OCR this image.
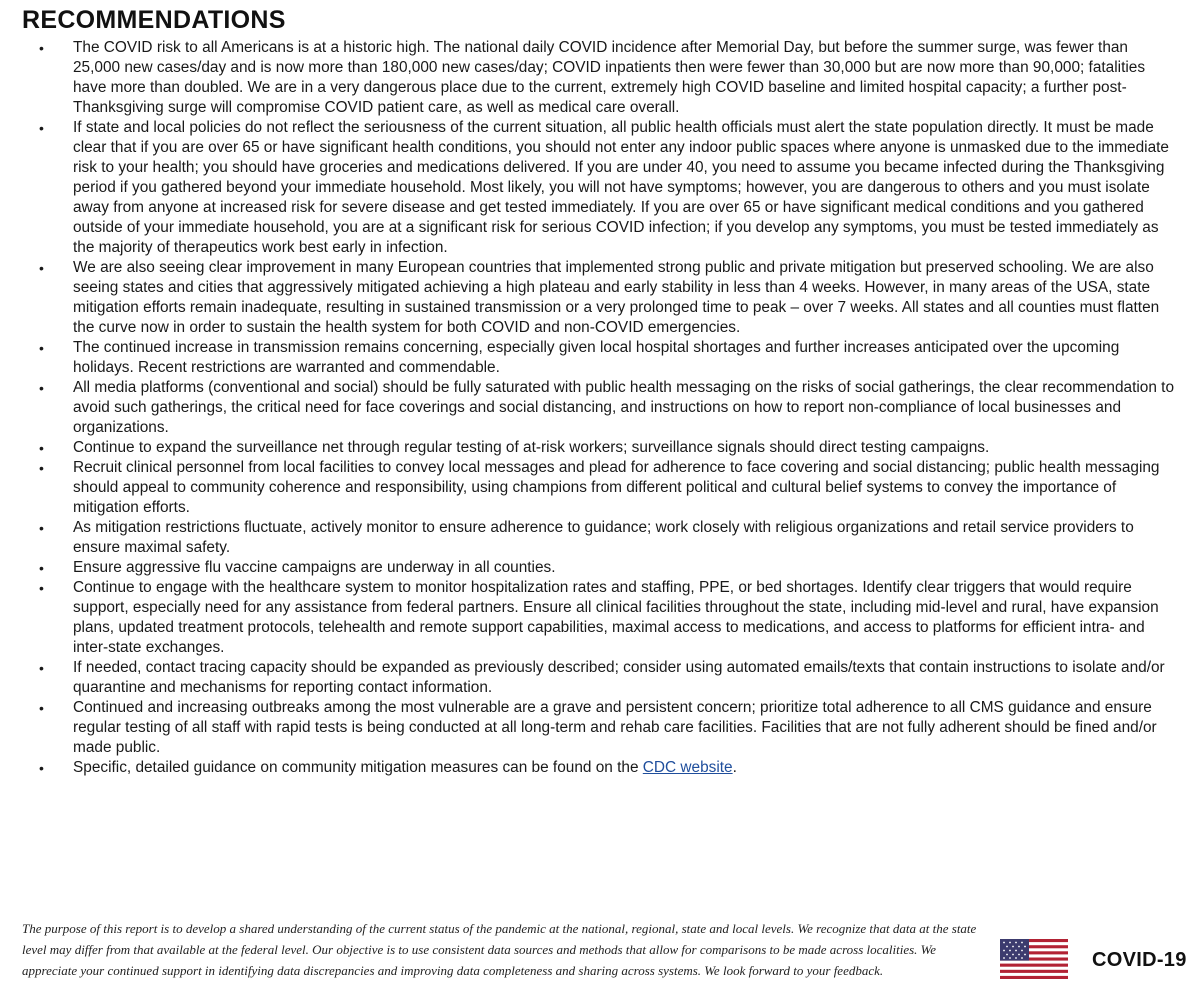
RECOMMENDATIONS
• The COVID risk to all Americans is at a historic high. The national daily COVID incidence after Memorial Day, but before the summer surge, was fewer than 25,000 new cases/day and is now more than 180,000 new cases/day; COVID inpatients then were fewer than 30,000 but are now more than 90,000; fatalities have more than doubled. We are in a very dangerous place due to the current, extremely high COVID baseline and limited hospital capacity; a further post-Thanksgiving surge will compromise COVID patient care, as well as medical care overall.
• If state and local policies do not reflect the seriousness of the current situation, all public health officials must alert the state population directly. It must be made clear that if you are over 65 or have significant health conditions, you should not enter any indoor public spaces where anyone is unmasked due to the immediate risk to your health; you should have groceries and medications delivered. If you are under 40, you need to assume you became infected during the Thanksgiving period if you gathered beyond your immediate household. Most likely, you will not have symptoms; however, you are dangerous to others and you must isolate away from anyone at increased risk for severe disease and get tested immediately. If you are over 65 or have significant medical conditions and you gathered outside of your immediate household, you are at a significant risk for serious COVID infection; if you develop any symptoms, you must be tested immediately as the majority of therapeutics work best early in infection.
• We are also seeing clear improvement in many European countries that implemented strong public and private mitigation but preserved schooling. We are also seeing states and cities that aggressively mitigated achieving a high plateau and early stability in less than 4 weeks. However, in many areas of the USA, state mitigation efforts remain inadequate, resulting in sustained transmission or a very prolonged time to peak – over 7 weeks. All states and all counties must flatten the curve now in order to sustain the health system for both COVID and non-COVID emergencies.
• The continued increase in transmission remains concerning, especially given local hospital shortages and further increases anticipated over the upcoming holidays. Recent restrictions are warranted and commendable.
• All media platforms (conventional and social) should be fully saturated with public health messaging on the risks of social gatherings, the clear recommendation to avoid such gatherings, the critical need for face coverings and social distancing, and instructions on how to report non-compliance of local businesses and organizations.
• Continue to expand the surveillance net through regular testing of at-risk workers; surveillance signals should direct testing campaigns.
• Recruit clinical personnel from local facilities to convey local messages and plead for adherence to face covering and social distancing; public health messaging should appeal to community coherence and responsibility, using champions from different political and cultural belief systems to convey the importance of mitigation efforts.
• As mitigation restrictions fluctuate, actively monitor to ensure adherence to guidance; work closely with religious organizations and retail service providers to ensure maximal safety.
• Ensure aggressive flu vaccine campaigns are underway in all counties.
• Continue to engage with the healthcare system to monitor hospitalization rates and staffing, PPE, or bed shortages. Identify clear triggers that would require support, especially need for any assistance from federal partners. Ensure all clinical facilities throughout the state, including mid-level and rural, have expansion plans, updated treatment protocols, telehealth and remote support capabilities, maximal access to medications, and access to platforms for efficient intra- and inter-state exchanges.
• If needed, contact tracing capacity should be expanded as previously described; consider using automated emails/texts that contain instructions to isolate and/or quarantine and mechanisms for reporting contact information.
• Continued and increasing outbreaks among the most vulnerable are a grave and persistent concern; prioritize total adherence to all CMS guidance and ensure regular testing of all staff with rapid tests is being conducted at all long-term and rehab care facilities. Facilities that are not fully adherent should be fined and/or made public.
• Specific, detailed guidance on community mitigation measures can be found on the CDC website.

The purpose of this report is to develop a shared understanding of the current status of the pandemic at the national, regional, state and local levels. We recognize that data at the state level may differ from that available at the federal level. Our objective is to use consistent data sources and methods that allow for comparisons to be made across localities. We appreciate your continued support in identifying data discrepancies and improving data completeness and sharing across systems. We look forward to your feedback.	COVID-19
